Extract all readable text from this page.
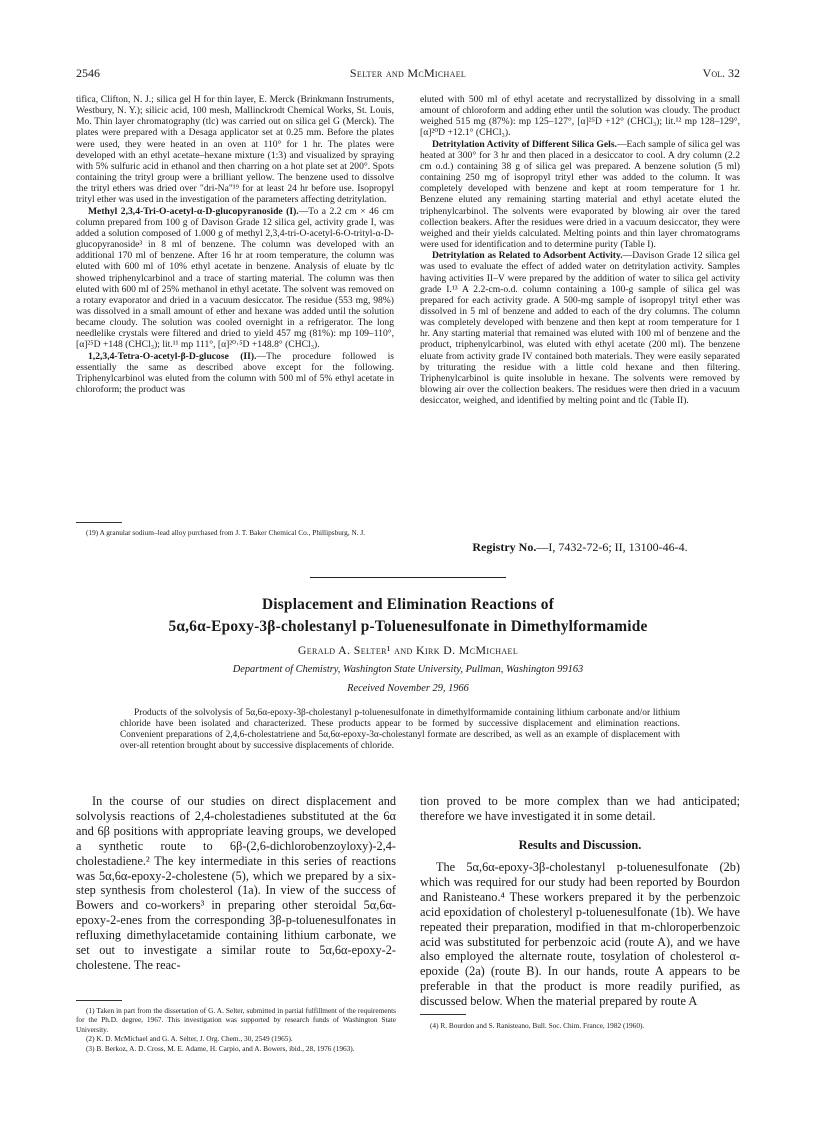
2546	Selter and McMichael	Vol. 32

tifica, Clifton, N. J.; silica gel H for thin layer, E. Merck (Brinkmann Instruments, Westbury, N. Y.); silicic acid, 100 mesh, Mallinckrodt Chemical Works, St. Louis, Mo. Thin layer chromatography (tlc) was carried out on silica gel G (Merck). The plates were prepared with a Desaga applicator set at 0.25 mm. Before the plates were used, they were heated in an oven at 110° for 1 hr. The plates were developed with an ethyl acetate–hexane mixture (1:3) and visualized by spraying with 5% sulfuric acid in ethanol and then charring on a hot plate set at 200°. Spots containing the trityl group were a brilliant yellow. The benzene used to dissolve the trityl ethers was dried over "dri-Na"¹⁹ for at least 24 hr before use. Isopropyl trityl ether was used in the investigation of the parameters affecting detritylation.

Methyl 2,3,4-Tri-O-acetyl-α-D-glucopyranoside (I).—To a 2.2 cm × 46 cm column prepared from 100 g of Davison Grade 12 silica gel, activity grade I, was added a solution composed of 1.000 g of methyl 2,3,4-tri-O-acetyl-6-O-trityl-α-D-glucopyranoside³ in 8 ml of benzene. The column was developed with an additional 170 ml of benzene. After 16 hr at room temperature, the column was eluted with 600 ml of 10% ethyl acetate in benzene. Analysis of eluate by tlc showed triphenylcarbinol and a trace of starting material. The column was then eluted with 600 ml of 25% methanol in ethyl acetate. The solvent was removed on a rotary evaporator and dried in a vacuum desiccator. The residue (553 mg, 98%) was dissolved in a small amount of ether and hexane was added until the solution became cloudy. The solution was cooled overnight in a refrigerator. The long needlelike crystals were filtered and dried to yield 457 mg (81%): mp 109–110°, [α]²⁵D +148 (CHCl₃); lit.¹¹ mp 111°, [α]²⁰·⁵D +148.8° (CHCl₃).

1,2,3,4-Tetra-O-acetyl-β-D-glucose (II).—The procedure followed is essentially the same as described above except for the following. Triphenylcarbinol was eluted from the column with 500 ml of 5% ethyl acetate in chloroform; the product was

(19) A granular sodium–lead alloy purchased from J. T. Baker Chemical Co., Phillipsburg, N. J.

eluted with 500 ml of ethyl acetate and recrystallized by dissolving in a small amount of chloroform and adding ether until the solution was cloudy. The product weighed 515 mg (87%): mp 125–127°, [α]²⁵D +12° (CHCl₃); lit.¹² mp 128–129°, [α]²⁰D +12.1° (CHCl₃).

Detritylation Activity of Different Silica Gels.—Each sample of silica gel was heated at 300° for 3 hr and then placed in a desiccator to cool. A dry column (2.2 cm o.d.) containing 38 g of silica gel was prepared. A benzene solution (5 ml) containing 250 mg of isopropyl trityl ether was added to the column. It was completely developed with benzene and kept at room temperature for 1 hr. Benzene eluted any remaining starting material and ethyl acetate eluted the triphenylcarbinol. The solvents were evaporated by blowing air over the tared collection beakers. After the residues were dried in a vacuum desiccator, they were weighed and their yields calculated. Melting points and thin layer chromatograms were used for identification and to determine purity (Table I).

Detritylation as Related to Adsorbent Activity.—Davison Grade 12 silica gel was used to evaluate the effect of added water on detritylation activity. Samples having activities II–V were prepared by the addition of water to silica gel activity grade I.¹³ A 2.2-cm-o.d. column containing a 100-g sample of silica gel was prepared for each activity grade. A 500-mg sample of isopropyl trityl ether was dissolved in 5 ml of benzene and added to each of the dry columns. The column was completely developed with benzene and then kept at room temperature for 1 hr. Any starting material that remained was eluted with 100 ml of benzene and the product, triphenylcarbinol, was eluted with ethyl acetate (200 ml). The benzene eluate from activity grade IV contained both materials. They were easily separated by triturating the residue with a little cold hexane and then filtering. Triphenylcarbinol is quite insoluble in hexane. The solvents were removed by blowing air over the collection beakers. The residues were then dried in a vacuum desiccator, weighed, and identified by melting point and tlc (Table II).

Registry No.—I, 7432-72-6; II, 13100-46-4.
Displacement and Elimination Reactions of
5α,6α-Epoxy-3β-cholestanyl p-Toluenesulfonate in Dimethylformamide
Gerald A. Selter¹ and Kirk D. McMichael
Department of Chemistry, Washington State University, Pullman, Washington 99163
Received November 29, 1966

Products of the solvolysis of 5α,6α-epoxy-3β-cholestanyl p-toluenesulfonate in dimethylformamide containing lithium carbonate and/or lithium chloride have been isolated and characterized. These products appear to be formed by successive displacement and elimination reactions. Convenient preparations of 2,4,6-cholestatriene and 5α,6α-epoxy-3α-cholestanyl formate are described, as well as an example of displacement with over-all retention brought about by successive displacements of chloride.

In the course of our studies on direct displacement and solvolysis reactions of 2,4-cholestadienes substituted at the 6α and 6β positions with appropriate leaving groups, we developed a synthetic route to 6β-(2,6-dichlorobenzoyloxy)-2,4-cholestadiene.² The key intermediate in this series of reactions was 5α,6α-epoxy-2-cholestene (5), which we prepared by a six-step synthesis from cholesterol (1a). In view of the success of Bowers and co-workers³ in preparing other steroidal 5α,6α-epoxy-2-enes from the corresponding 3β-p-toluenesulfonates in refluxing dimethylacetamide containing lithium carbonate, we set out to investigate a similar route to 5α,6α-epoxy-2-cholestene. The reac-

tion proved to be more complex than we had anticipated; therefore we have investigated it in some detail.

Results and Discussion.

The 5α,6α-epoxy-3β-cholestanyl p-toluenesulfonate (2b) which was required for our study had been reported by Bourdon and Ranisteano.⁴ These workers prepared it by the perbenzoic acid epoxidation of cholesteryl p-toluenesulfonate (1b). We have repeated their preparation, modified in that m-chloroperbenzoic acid was substituted for perbenzoic acid (route A), and we have also employed the alternate route, tosylation of cholesterol α-epoxide (2a) (route B). In our hands, route A appears to be preferable in that the product is more readily purified, as discussed below. When the material prepared by route A

(1) Taken in part from the dissertation of G. A. Selter, submitted in partial fulfillment of the requirements for the Ph.D. degree, 1967. This investigation was supported by research funds of Washington State University.

(2) K. D. McMichael and G. A. Selter, J. Org. Chem., 30, 2549 (1965).

(3) B. Berkoz, A. D. Cross, M. E. Adame, H. Carpio, and A. Bowers, ibid., 28, 1976 (1963).

(4) R. Bourdon and S. Ranisteano, Bull. Soc. Chim. France, 1982 (1960).
